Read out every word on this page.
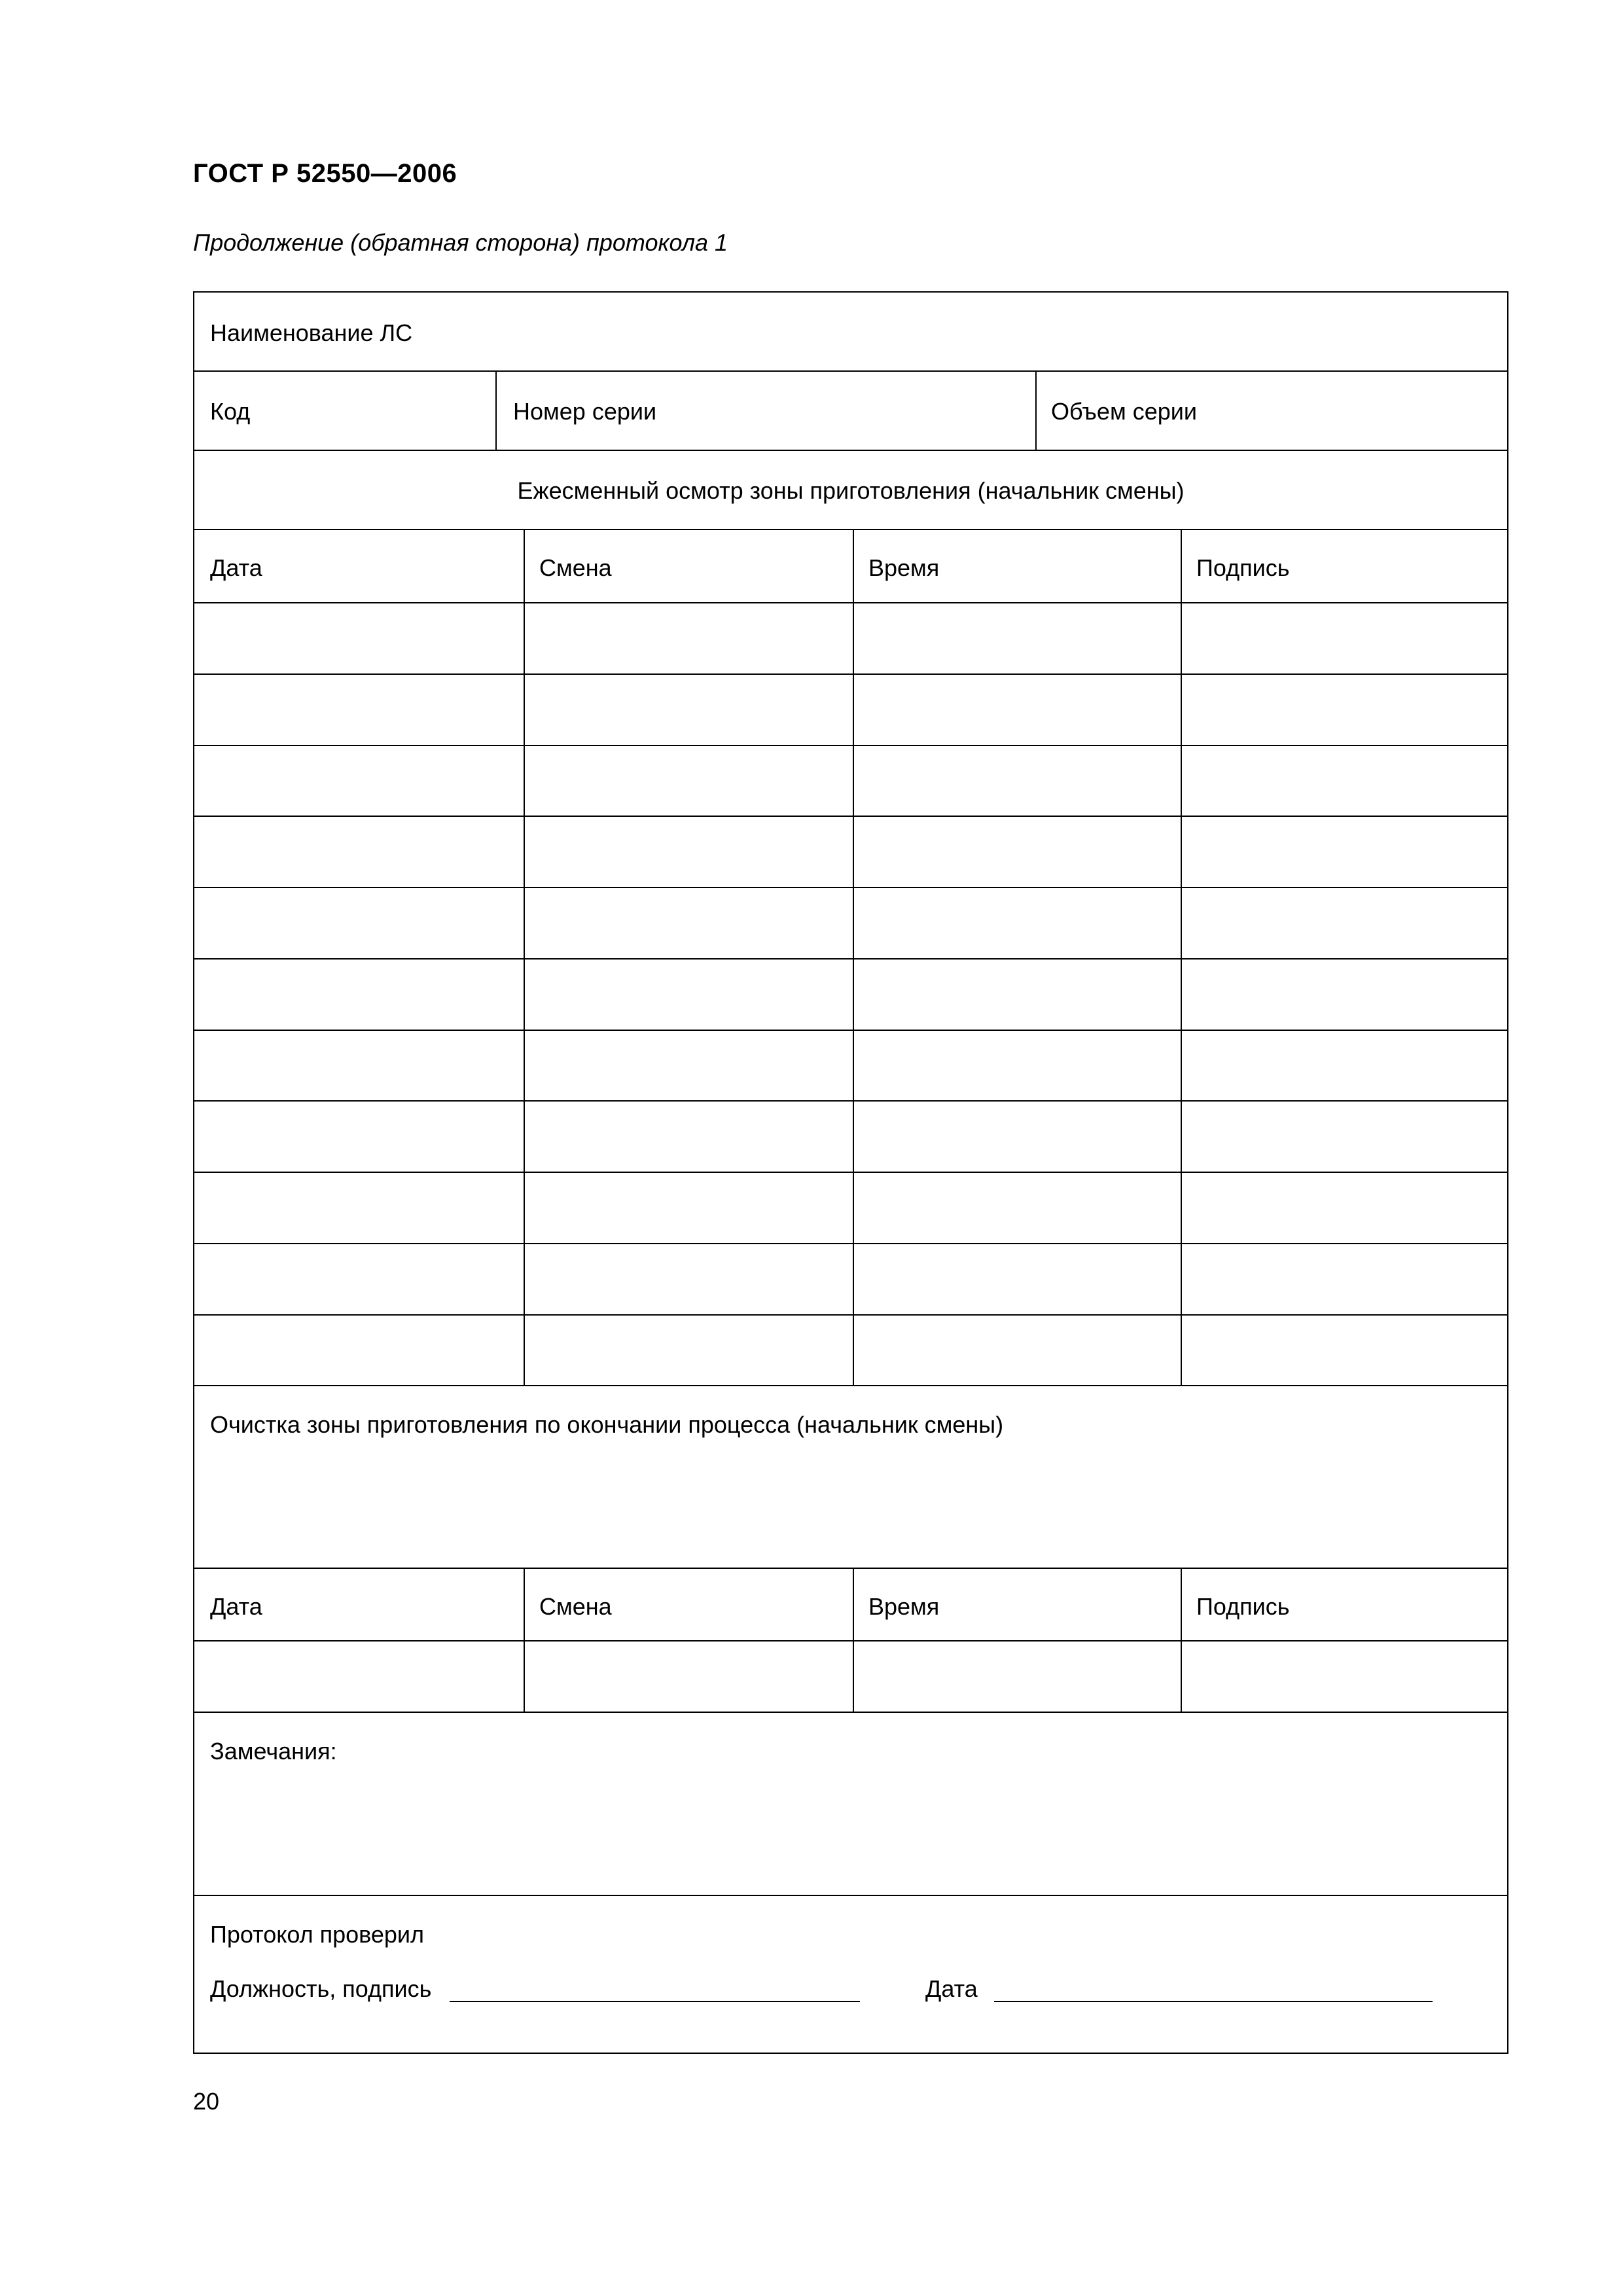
ГОСТ Р 52550—2006
Продолжение (обратная сторона) протокола 1
Наименование ЛС
Код	Номер серии	Объем серии
Ежесменный осмотр зоны приготовления (начальник смены)
Дата	Смена	Время	Подпись
Очистка зоны приготовления по окончании процесса (начальник смены)
Дата	Смена	Время	Подпись
Замечания:
Протокол проверил
Должность, подпись	Дата
20
